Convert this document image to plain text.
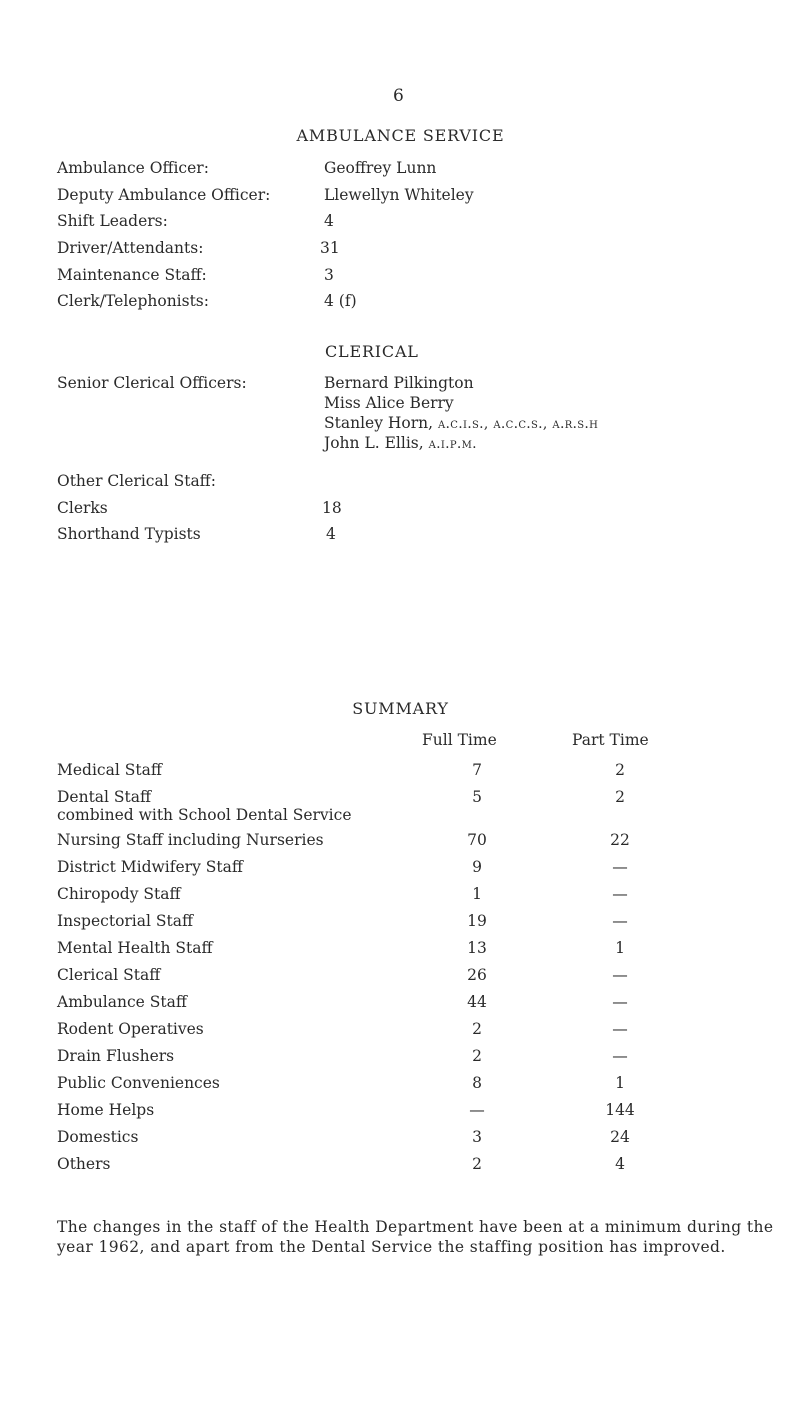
6
AMBULANCE SERVICE
Ambulance Officer:	Geoffrey Lunn
Deputy Ambulance Officer:	Llewellyn Whiteley
Shift Leaders:	4
Driver/Attendants:	31
Maintenance Staff:	3
Clerk/Telephonists:	4 (f)
CLERICAL
Senior Clerical Officers:	Bernard Pilkington
Miss Alice Berry
Stanley Horn, a.c.i.s., a.c.c.s., a.r.s.h
John L. Ellis, a.i.p.m.
Other Clerical Staff:
Clerks	18
Shorthand Typists	4
SUMMARY
Full Time	Part Time
Medical Staff	7	2
Dental Staff	5	2
combined with School Dental Service
Nursing Staff including Nurseries	70	22
District Midwifery Staff	9	—
Chiropody Staff	1	—
Inspectorial Staff	19	—
Mental Health Staff	13	1
Clerical Staff	26	—
Ambulance Staff	44	—
Rodent Operatives	2	—
Drain Flushers	2	—
Public Conveniences	8	1
Home Helps	—	144
Domestics	3	24
Others	2	4
The changes in the staff of the Health Department have been at a minimum during the year 1962, and apart from the Dental Service the staffing position has improved.
